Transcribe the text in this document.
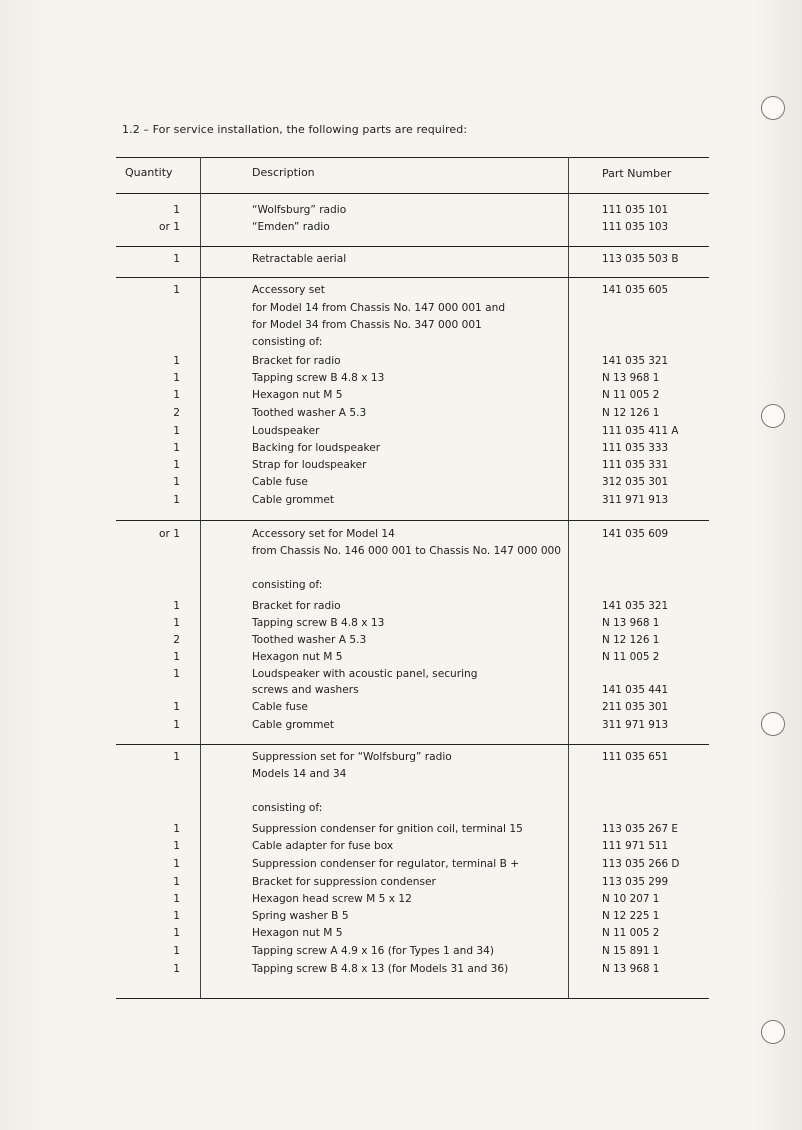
1.2 – For service installation, the following parts are required:
Quantity	Description	Part Number
1	“Wolfsburg” radio	111 035 101
or 1	“Emden” radio	111 035 103
1	Retractable aerial	113 035 503 B
1	Accessory set	141 035 605
for Model 14 from Chassis No. 147 000 001 and
for Model 34 from Chassis No. 347 000 001
consisting of:
1	Bracket for radio	141 035 321
1	Tapping screw B 4.8 x 13	N 13 968 1
1	Hexagon nut M 5	N 11 005 2
2	Toothed washer A 5.3	N 12 126 1
1	Loudspeaker	111 035 411 A
1	Backing for loudspeaker	111 035 333
1	Strap for loudspeaker	111 035 331
1	Cable fuse	312 035 301
1	Cable grommet	311 971 913
or 1	Accessory set for Model 14	141 035 609
from Chassis No. 146 000 001 to Chassis No. 147 000 000
consisting of:
1	Bracket for radio	141 035 321
1	Tapping screw B 4.8 x 13	N 13 968 1
2	Toothed washer A 5.3	N 12 126 1
1	Hexagon nut M 5	N 11 005 2
1	Loudspeaker with acoustic panel, securing
screws and washers	141 035 441
1	Cable fuse	211 035 301
1	Cable grommet	311 971 913
1	Suppression set for “Wolfsburg” radio	111 035 651
Models 14 and 34
consisting of:
1	Suppression condenser for gnition coil, terminal 15	113 035 267 E
1	Cable adapter for fuse box	111 971 511
1	Suppression condenser for regulator, terminal B +	113 035 266 D
1	Bracket for suppression condenser	113 035 299
1	Hexagon head screw M 5 x 12	N 10 207 1
1	Spring washer B 5	N 12 225 1
1	Hexagon nut M 5	N 11 005 2
1	Tapping screw A 4.9 x 16 (for Types 1 and 34)	N 15 891 1
1	Tapping screw B 4.8 x 13 (for Models 31 and 36)	N 13 968 1
